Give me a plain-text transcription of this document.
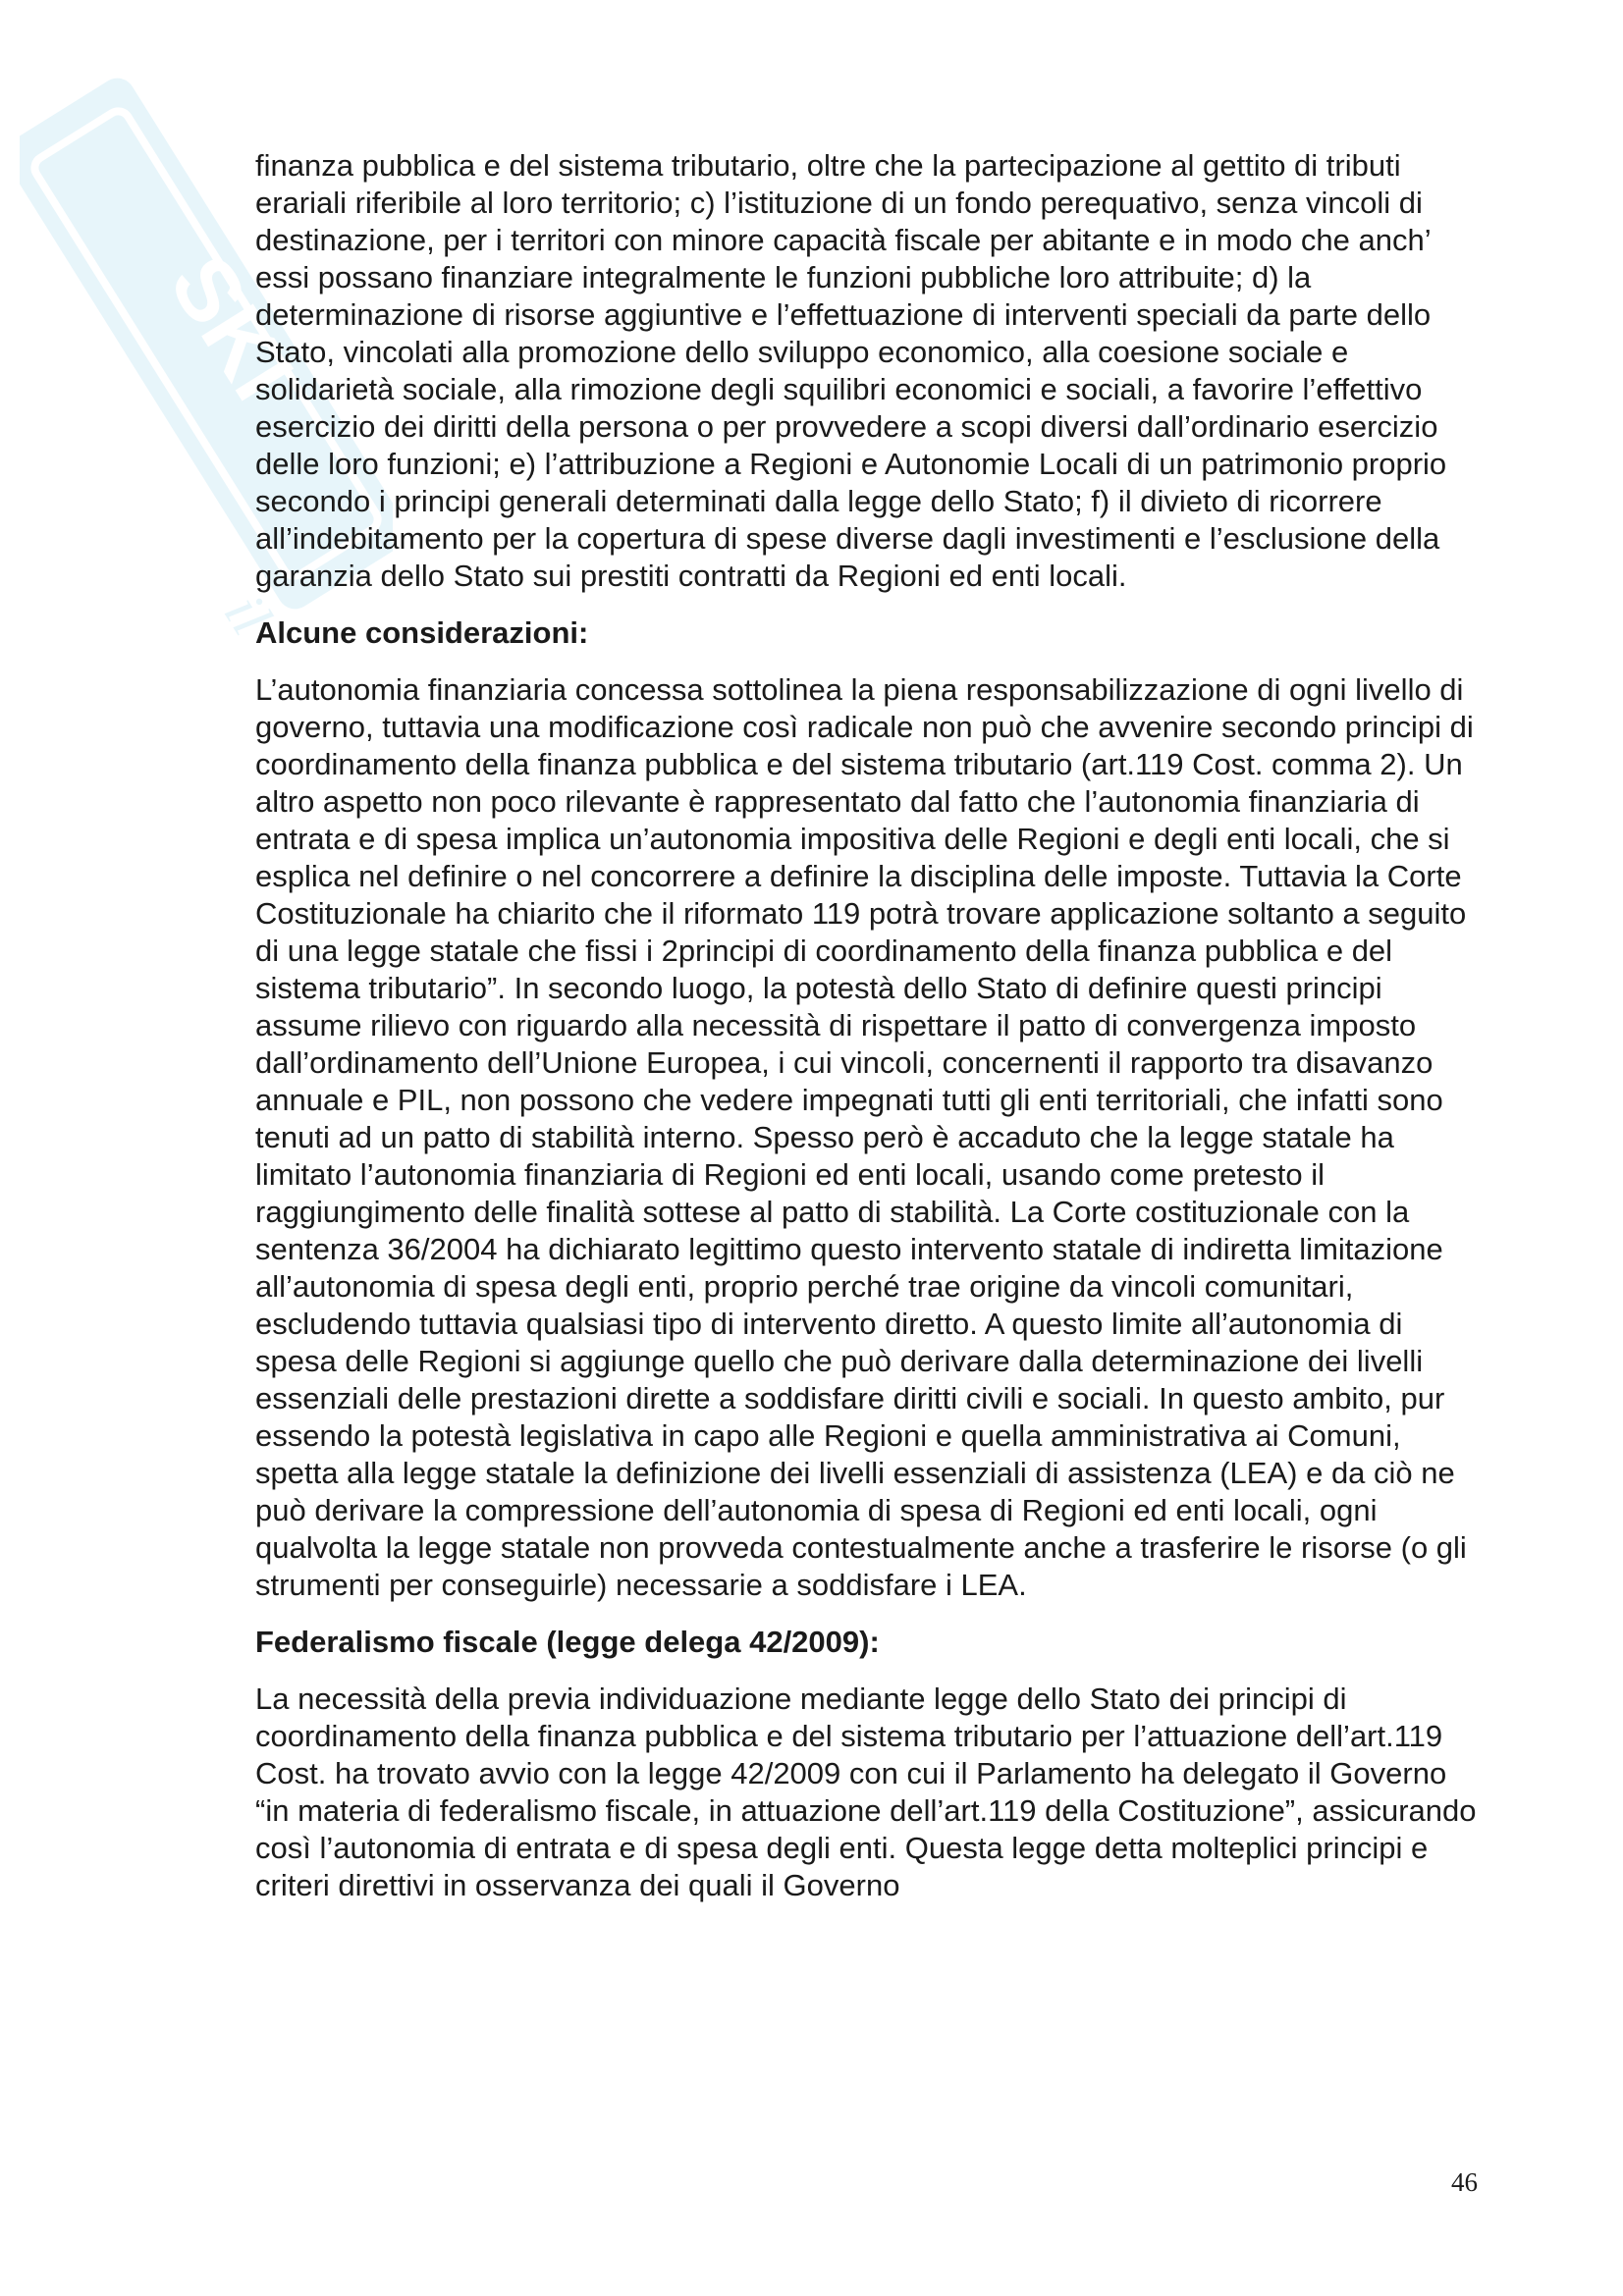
SKI
il

finanza pubblica e del sistema tributario, oltre che la partecipazione al gettito di tributi erariali riferibile al loro territorio; c) l’istituzione di un fondo perequativo, senza vincoli di destinazione, per i territori con minore capacità fiscale per abitante e in modo che anch’ essi possano finanziare integralmente le funzioni pubbliche loro attribuite; d) la determinazione di risorse aggiuntive e l’effettuazione di interventi speciali da parte dello Stato, vincolati alla promozione dello sviluppo economico, alla coesione sociale e solidarietà sociale, alla rimozione degli squilibri economici e sociali, a favorire l’effettivo esercizio dei diritti della persona o per provvedere a scopi diversi dall’ordinario esercizio delle loro funzioni; e) l’attribuzione a Regioni e Autonomie Locali di un patrimonio proprio secondo i principi generali determinati dalla legge dello Stato; f) il divieto di ricorrere all’indebitamento per la copertura di spese diverse dagli investimenti e l’esclusione della garanzia dello Stato sui prestiti contratti da Regioni ed enti locali.

Alcune considerazioni:

L’autonomia finanziaria concessa sottolinea la piena responsabilizzazione di ogni livello di governo, tuttavia una modificazione così radicale non può che avvenire secondo principi di coordinamento della finanza pubblica e del sistema tributario (art.119 Cost. comma 2). Un altro aspetto non poco rilevante è rappresentato dal fatto che l’autonomia finanziaria di entrata e di spesa implica un’autonomia impositiva delle Regioni e degli enti locali, che si esplica nel definire o nel concorrere a definire la disciplina delle imposte. Tuttavia la Corte Costituzionale ha chiarito che il riformato 119 potrà trovare applicazione soltanto a seguito di una legge statale che fissi i 2principi di coordinamento della finanza pubblica e del sistema tributario”. In secondo luogo, la potestà dello Stato di definire questi principi assume rilievo con riguardo alla necessità di rispettare il patto di convergenza imposto dall’ordinamento dell’Unione Europea, i cui vincoli, concernenti il rapporto tra disavanzo annuale e PIL, non possono che vedere impegnati tutti gli enti territoriali, che infatti sono tenuti ad un patto di stabilità interno. Spesso però è accaduto che la legge statale ha limitato l’autonomia finanziaria di Regioni ed enti locali, usando come pretesto il raggiungimento delle finalità sottese al patto di stabilità. La Corte costituzionale con la sentenza 36/2004 ha dichiarato legittimo questo intervento statale di indiretta limitazione all’autonomia di spesa degli enti, proprio perché trae origine da vincoli comunitari, escludendo tuttavia qualsiasi tipo di intervento diretto. A questo limite all’autonomia di spesa delle Regioni si aggiunge quello che può derivare dalla determinazione dei livelli essenziali delle prestazioni dirette a soddisfare diritti civili e sociali. In questo ambito, pur essendo la potestà legislativa in capo alle Regioni e quella amministrativa ai Comuni, spetta alla legge statale la definizione dei livelli essenziali di assistenza (LEA) e da ciò ne può derivare la compressione dell’autonomia di spesa di Regioni ed enti locali, ogni qualvolta la legge statale non provveda contestualmente anche a trasferire le risorse (o gli strumenti per conseguirle) necessarie a soddisfare i LEA.

Federalismo fiscale (legge delega 42/2009):

La necessità della previa individuazione mediante legge dello Stato dei principi di coordinamento della finanza pubblica e del sistema tributario per l’attuazione dell’art.119 Cost. ha trovato avvio con la legge 42/2009 con cui il Parlamento ha delegato il Governo “in materia di federalismo fiscale, in attuazione dell’art.119 della Costituzione”, assicurando così l’autonomia di entrata e di spesa degli enti. Questa legge detta molteplici principi e criteri direttivi in osservanza dei quali il Governo

46
